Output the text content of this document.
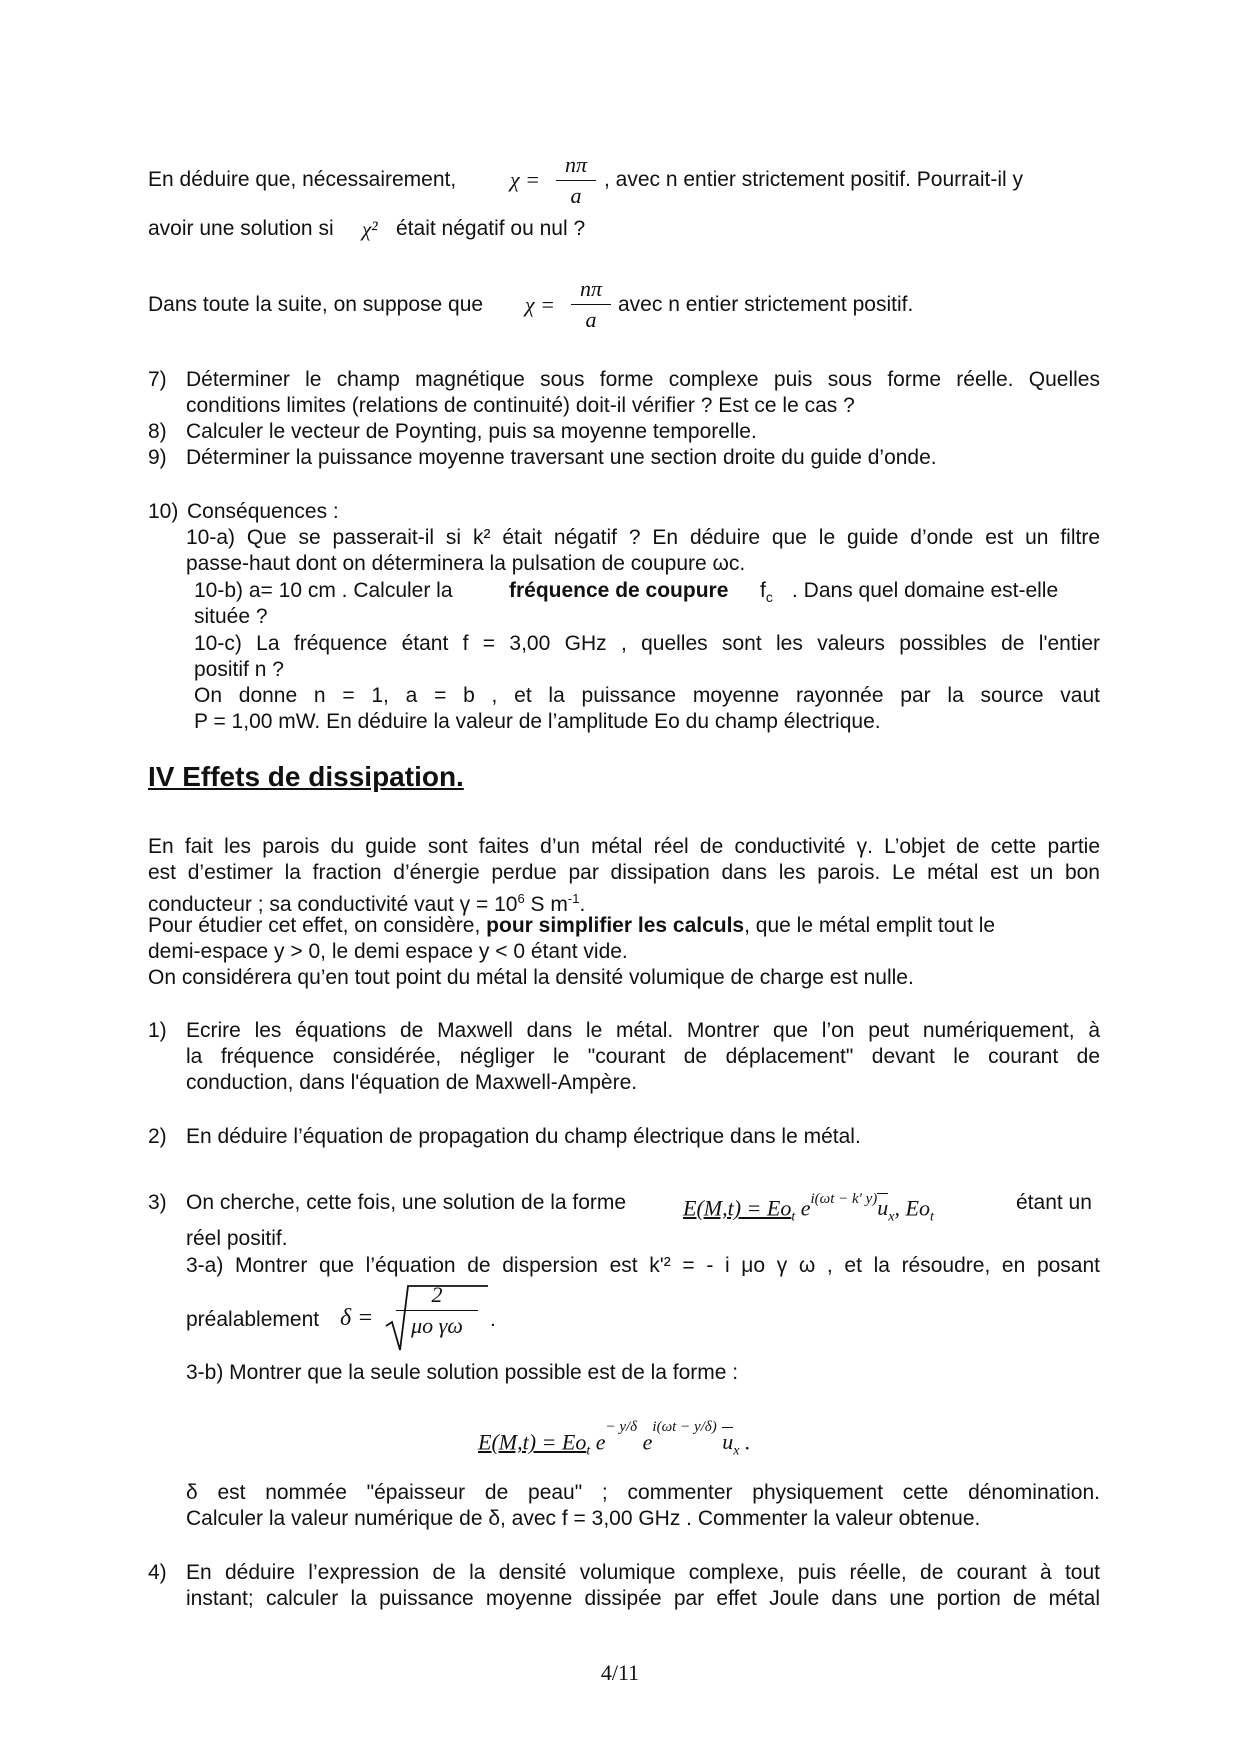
En déduire que, nécessairement, χ =
nπ
a
, avec n entier strictement positif. Pourrait-il y
avoir une solution si χ² était négatif ou nul ?
Dans toute la suite, on suppose que χ =
nπ
a
avec n entier strictement positif.
7) Déterminer le champ magnétique sous forme complexe puis sous forme réelle. Quelles
conditions limites (relations de continuité) doit-il vérifier ? Est ce le cas ?
8) Calculer le vecteur de Poynting, puis sa moyenne temporelle.
9) Déterminer la puissance moyenne traversant une section droite du guide d’onde.
10) Conséquences :
10-a) Que se passerait-il si k² était négatif ? En déduire que le guide d’onde est un filtre
passe-haut dont on déterminera la pulsation de coupure ωc.
10-b) a= 10 cm . Calculer la	fréquence de coupure $f_c$ . Dans quel domaine est-elle
située ?
10-c) La fréquence étant f = 3,00 GHz , quelles sont les valeurs possibles de l'entier
positif n ?
On donne n = 1, a = b , et la puissance moyenne rayonnée par la source vaut
P = 1,00 mW. En déduire la valeur de l’amplitude Eo du champ électrique.
IV Effets de dissipation.
En fait les parois du guide sont faites d’un métal réel de conductivité γ. L’objet de cette partie
est d’estimer la fraction d’énergie perdue par dissipation dans les parois. Le métal est un bon
conducteur ; sa conductivité vaut $\gamma = 10^6$ S $m^{-1}$.
Pour étudier cet effet, on considère, pour simplifier les calculs, que le métal emplit tout le
demi-espace y > 0, le demi espace y < 0 étant vide.
On considérera qu’en tout point du métal la densité volumique de charge est nulle.
1) Ecrire les équations de Maxwell dans le métal. Montrer que l’on peut numériquement, à
la fréquence considérée, négliger le "courant de déplacement" devant le courant de
conduction, dans l'équation de Maxwell-Ampère.
2) En déduire l’équation de propagation du champ électrique dans le métal.
3) On cherche, cette fois, une solution de la forme	$E(M,t) = Eo_t$ $e^{i(\omega t - k' y)}u_x$, $Eo_t$
étant un
réel positif.
3-a) Montrer que l’équation de dispersion est k'² = - i μo γ ω , et la résoudre, en posant
préalablement δ =
2
μo γω	.
3-b) Montrer que la seule solution possible est de la forme :
$E(M,t) = Eo_t$ $e^{- y/\delta}$ $e^{i(\omega t - y/\delta)}$ $u_x$ .
δ est nommée "épaisseur de peau" ; commenter physiquement cette dénomination.
Calculer la valeur numérique de δ, avec f = 3,00 GHz . Commenter la valeur obtenue.
4) En déduire l’expression de la densité volumique complexe, puis réelle, de courant à tout
instant; calculer la puissance moyenne dissipée par effet Joule dans une portion de métal
4/11
